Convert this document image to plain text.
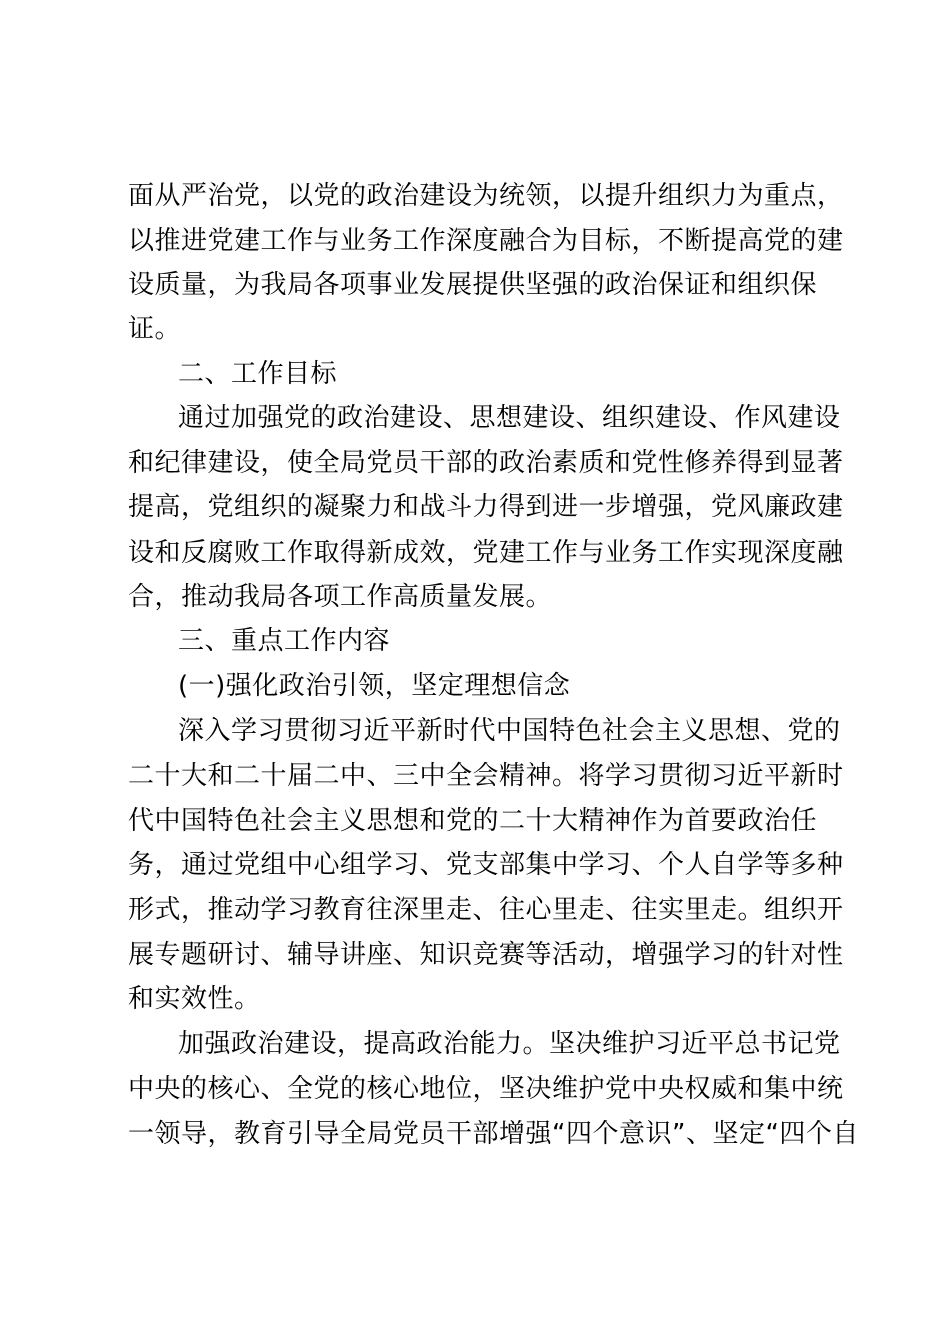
面从严治党，以党的政治建设为统领，以提升组织力为重点，
以推进党建工作与业务工作深度融合为目标，不断提高党的建
设质量，为我局各项事业发展提供坚强的政治保证和组织保
证。
二、工作目标
通过加强党的政治建设、思想建设、组织建设、作风建设
和纪律建设，使全局党员干部的政治素质和党性修养得到显著
提高，党组织的凝聚力和战斗力得到进一步增强，党风廉政建
设和反腐败工作取得新成效，党建工作与业务工作实现深度融
合，推动我局各项工作高质量发展。
三、重点工作内容
(一)强化政治引领，坚定理想信念
深入学习贯彻习近平新时代中国特色社会主义思想、党的
二十大和二十届二中、三中全会精神。将学习贯彻习近平新时
代中国特色社会主义思想和党的二十大精神作为首要政治任
务，通过党组中心组学习、党支部集中学习、个人自学等多种
形式，推动学习教育往深里走、往心里走、往实里走。组织开
展专题研讨、辅导讲座、知识竞赛等活动，增强学习的针对性
和实效性。
加强政治建设，提高政治能力。坚决维护习近平总书记党
中央的核心、全党的核心地位，坚决维护党中央权威和集中统
一领导，教育引导全局党员干部增强“四个意识”、坚定“四个自
